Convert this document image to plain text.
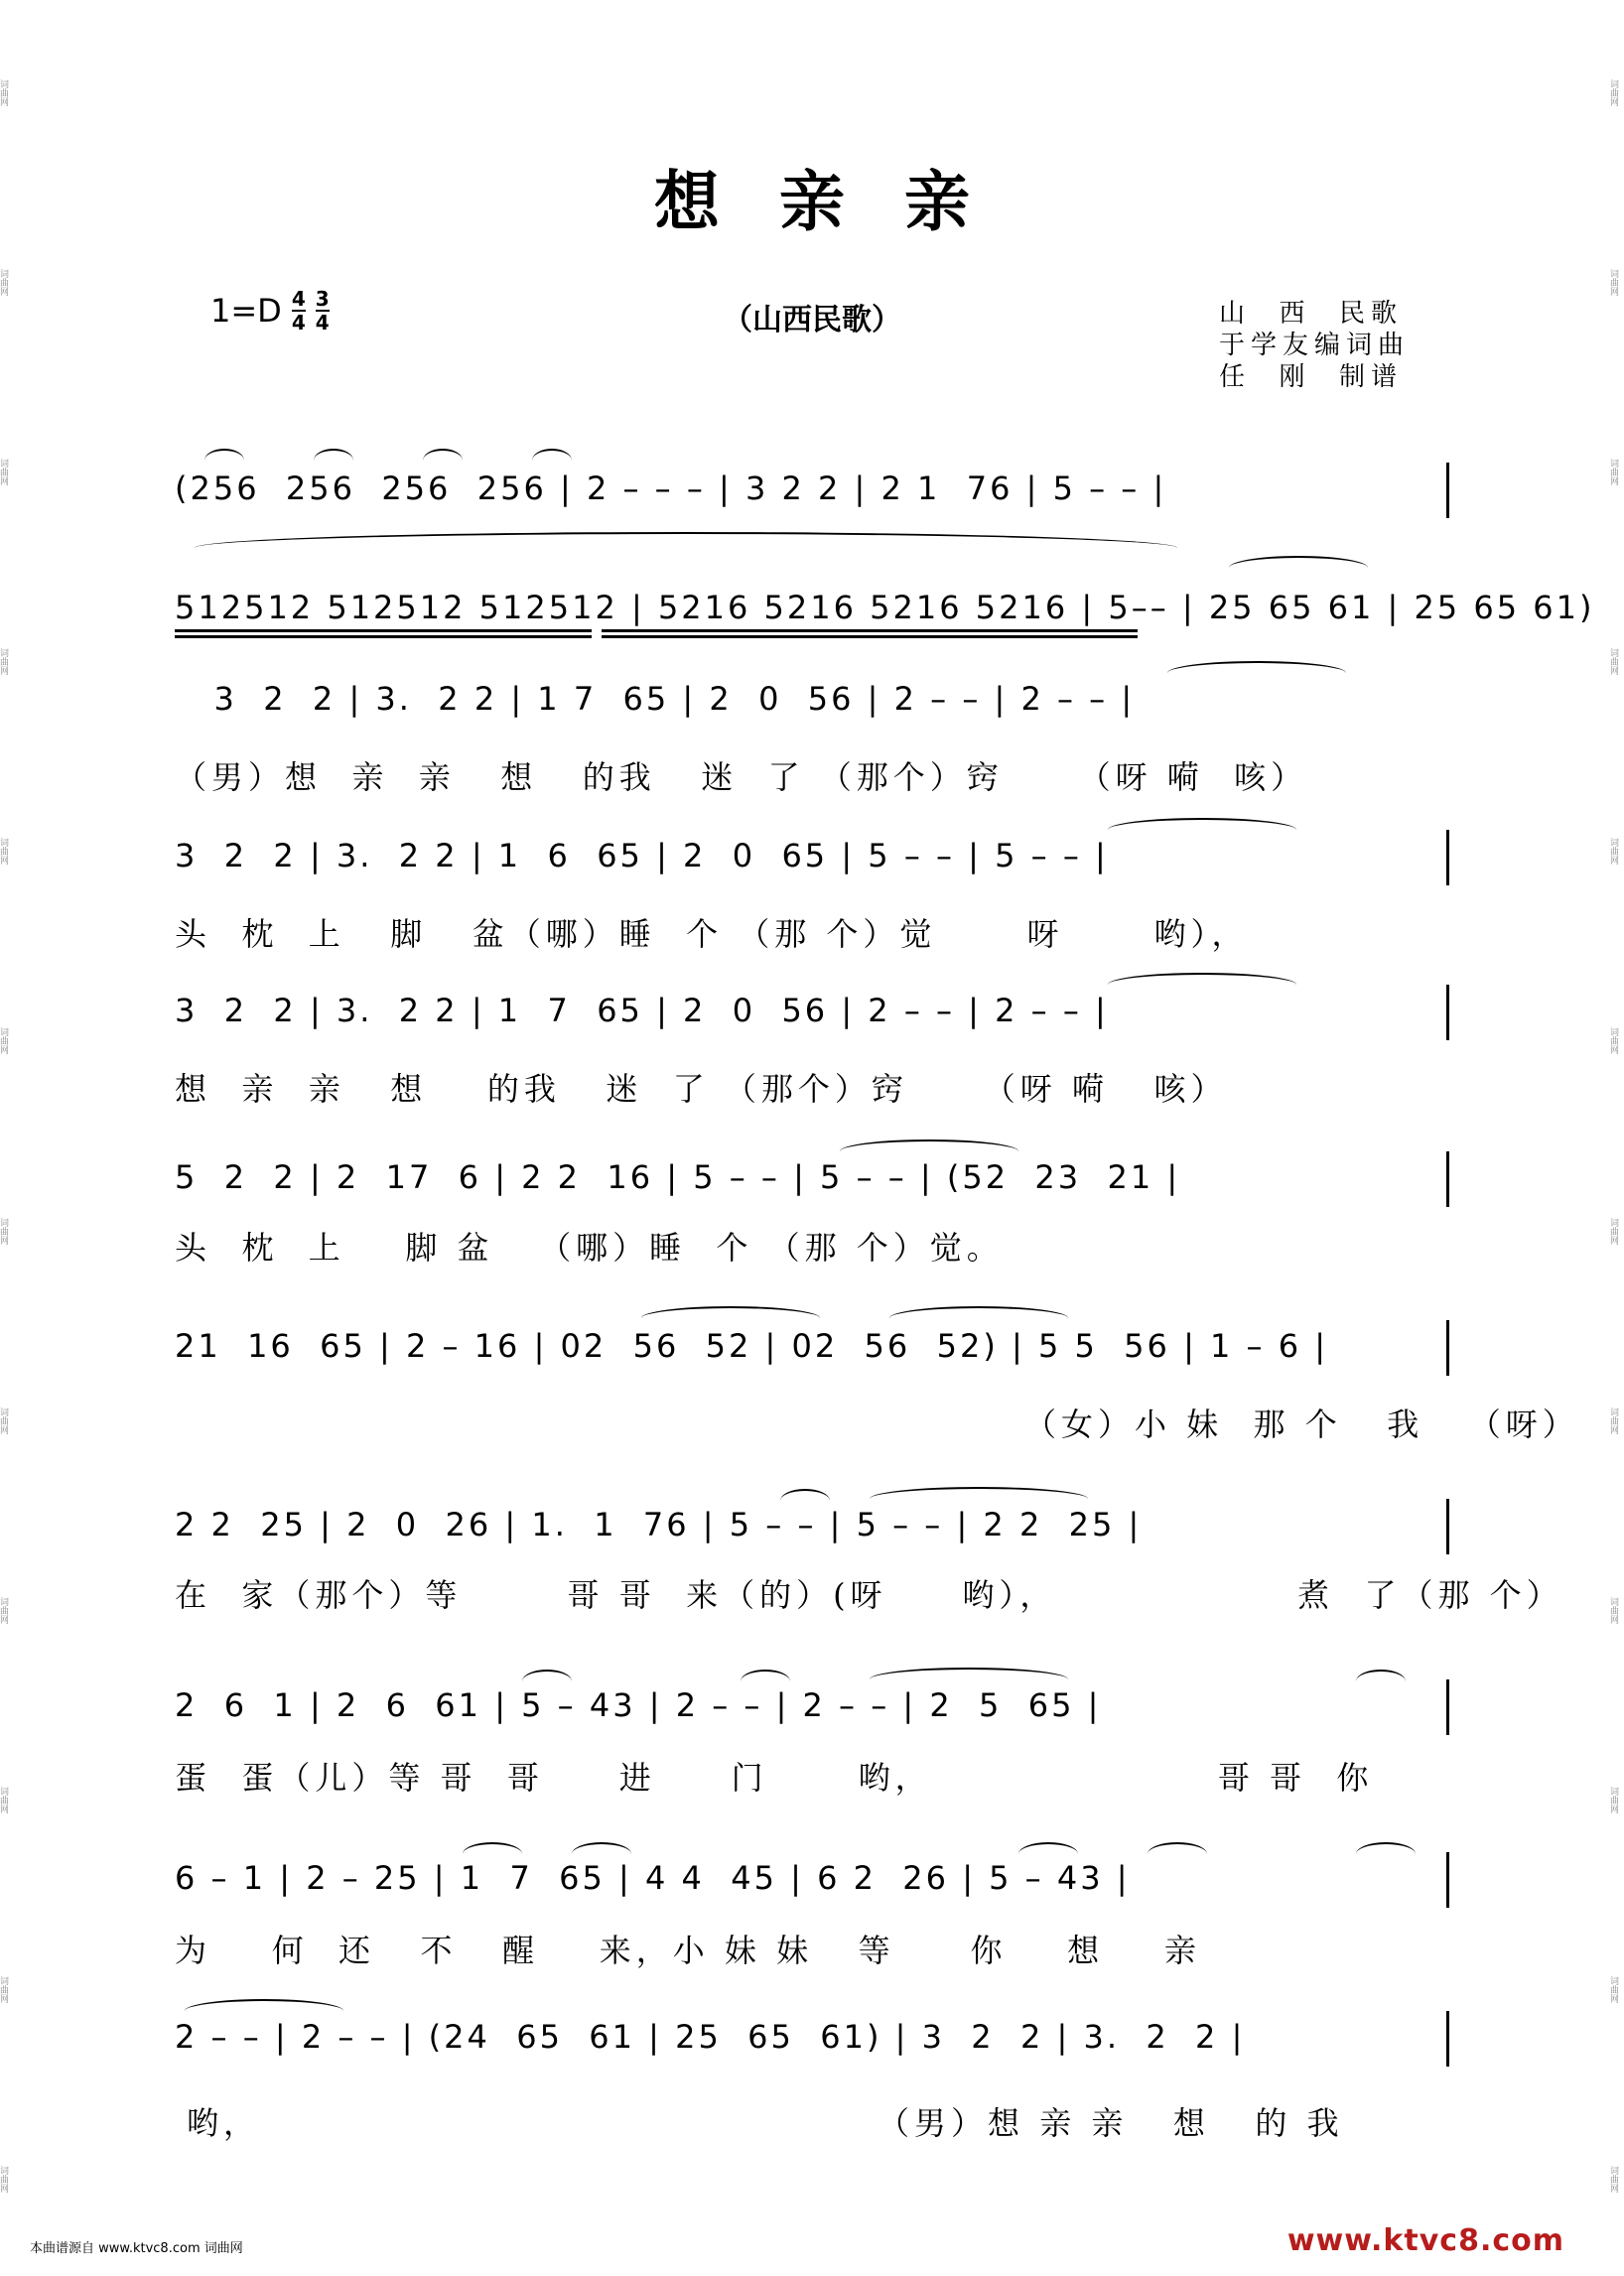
词曲网
词曲网
词曲网
词曲网
词曲网
词曲网
词曲网
词曲网
词曲网
词曲网
词曲网
词曲网
词曲网
词曲网
词曲网
词曲网
词曲网
词曲网
词曲网
词曲网
词曲网
词曲网
词曲网
词曲网
想亲亲
$1=D \frac{4}{4} \frac{3}{4}$	（山西民歌）	山  西  民歌
于学友编词曲
任  刚  制谱
(256  256  256  256 | 2 – – – | 3 2 2 | 2 1  76 | 5 – – |
512512 512512 512512 | 5216 5216 5216 5216 | 5–– | 25 65 61 | 25 65 61)
3  2  2 | 3.  2 2 | 1 7  65 | 2  0  56 | 2 – – | 2 – – |
（男）想  亲  亲   想   的我   迷  了 （那个）窍     （呀 嗬  咳）
3  2  2 | 3.  2 2 | 1  6  65 | 2  0  65 | 5 – – | 5 – – |
头  枕  上   脚   盆（哪）睡  个 （那 个）觉      呀      哟），
3  2  2 | 3.  2 2 | 1  7  65 | 2  0  56 | 2 – – | 2 – – |
想  亲  亲   想    的我   迷  了 （那个）窍     （呀 嗬   咳）
5  2  2 | 2  17  6 | 2 2  16 | 5 – – | 5 – – | (52  23  21 |
头  枕  上    脚 盆   （哪）睡  个 （那 个）觉。
21  16  65 | 2 – 16 | 02  56  52 | 02  56  52) | 5 5  56 | 1 – 6 |
（女）小 妹  那 个   我   （呀）
2 2  25 | 2  0  26 | 1.  1  76 | 5 – – | 5 – – | 2 2  25 |
在  家（那个）等       哥 哥  来（的）(呀     哟），                煮  了（那 个）
2  6  1 | 2  6  61 | 5 – 43 | 2 – – | 2 – – | 2  5  65 |
蛋  蛋（儿）等 哥  哥     进     门      哟，                   哥 哥  你
6 – 1 | 2 – 25 | 1  7  65 | 4 4  45 | 6 2  26 | 5 – 43 |
为    何  还   不   醒    来，小 妹 妹   等     你    想    亲
2 – – | 2 – – | (24  65  61 | 25  65  61) | 3  2  2 | 3.  2  2 |
哟，                                         （男）想 亲 亲   想   的 我
本曲谱源自 www.ktvc8.com 词曲网	www.ktvc8.com
